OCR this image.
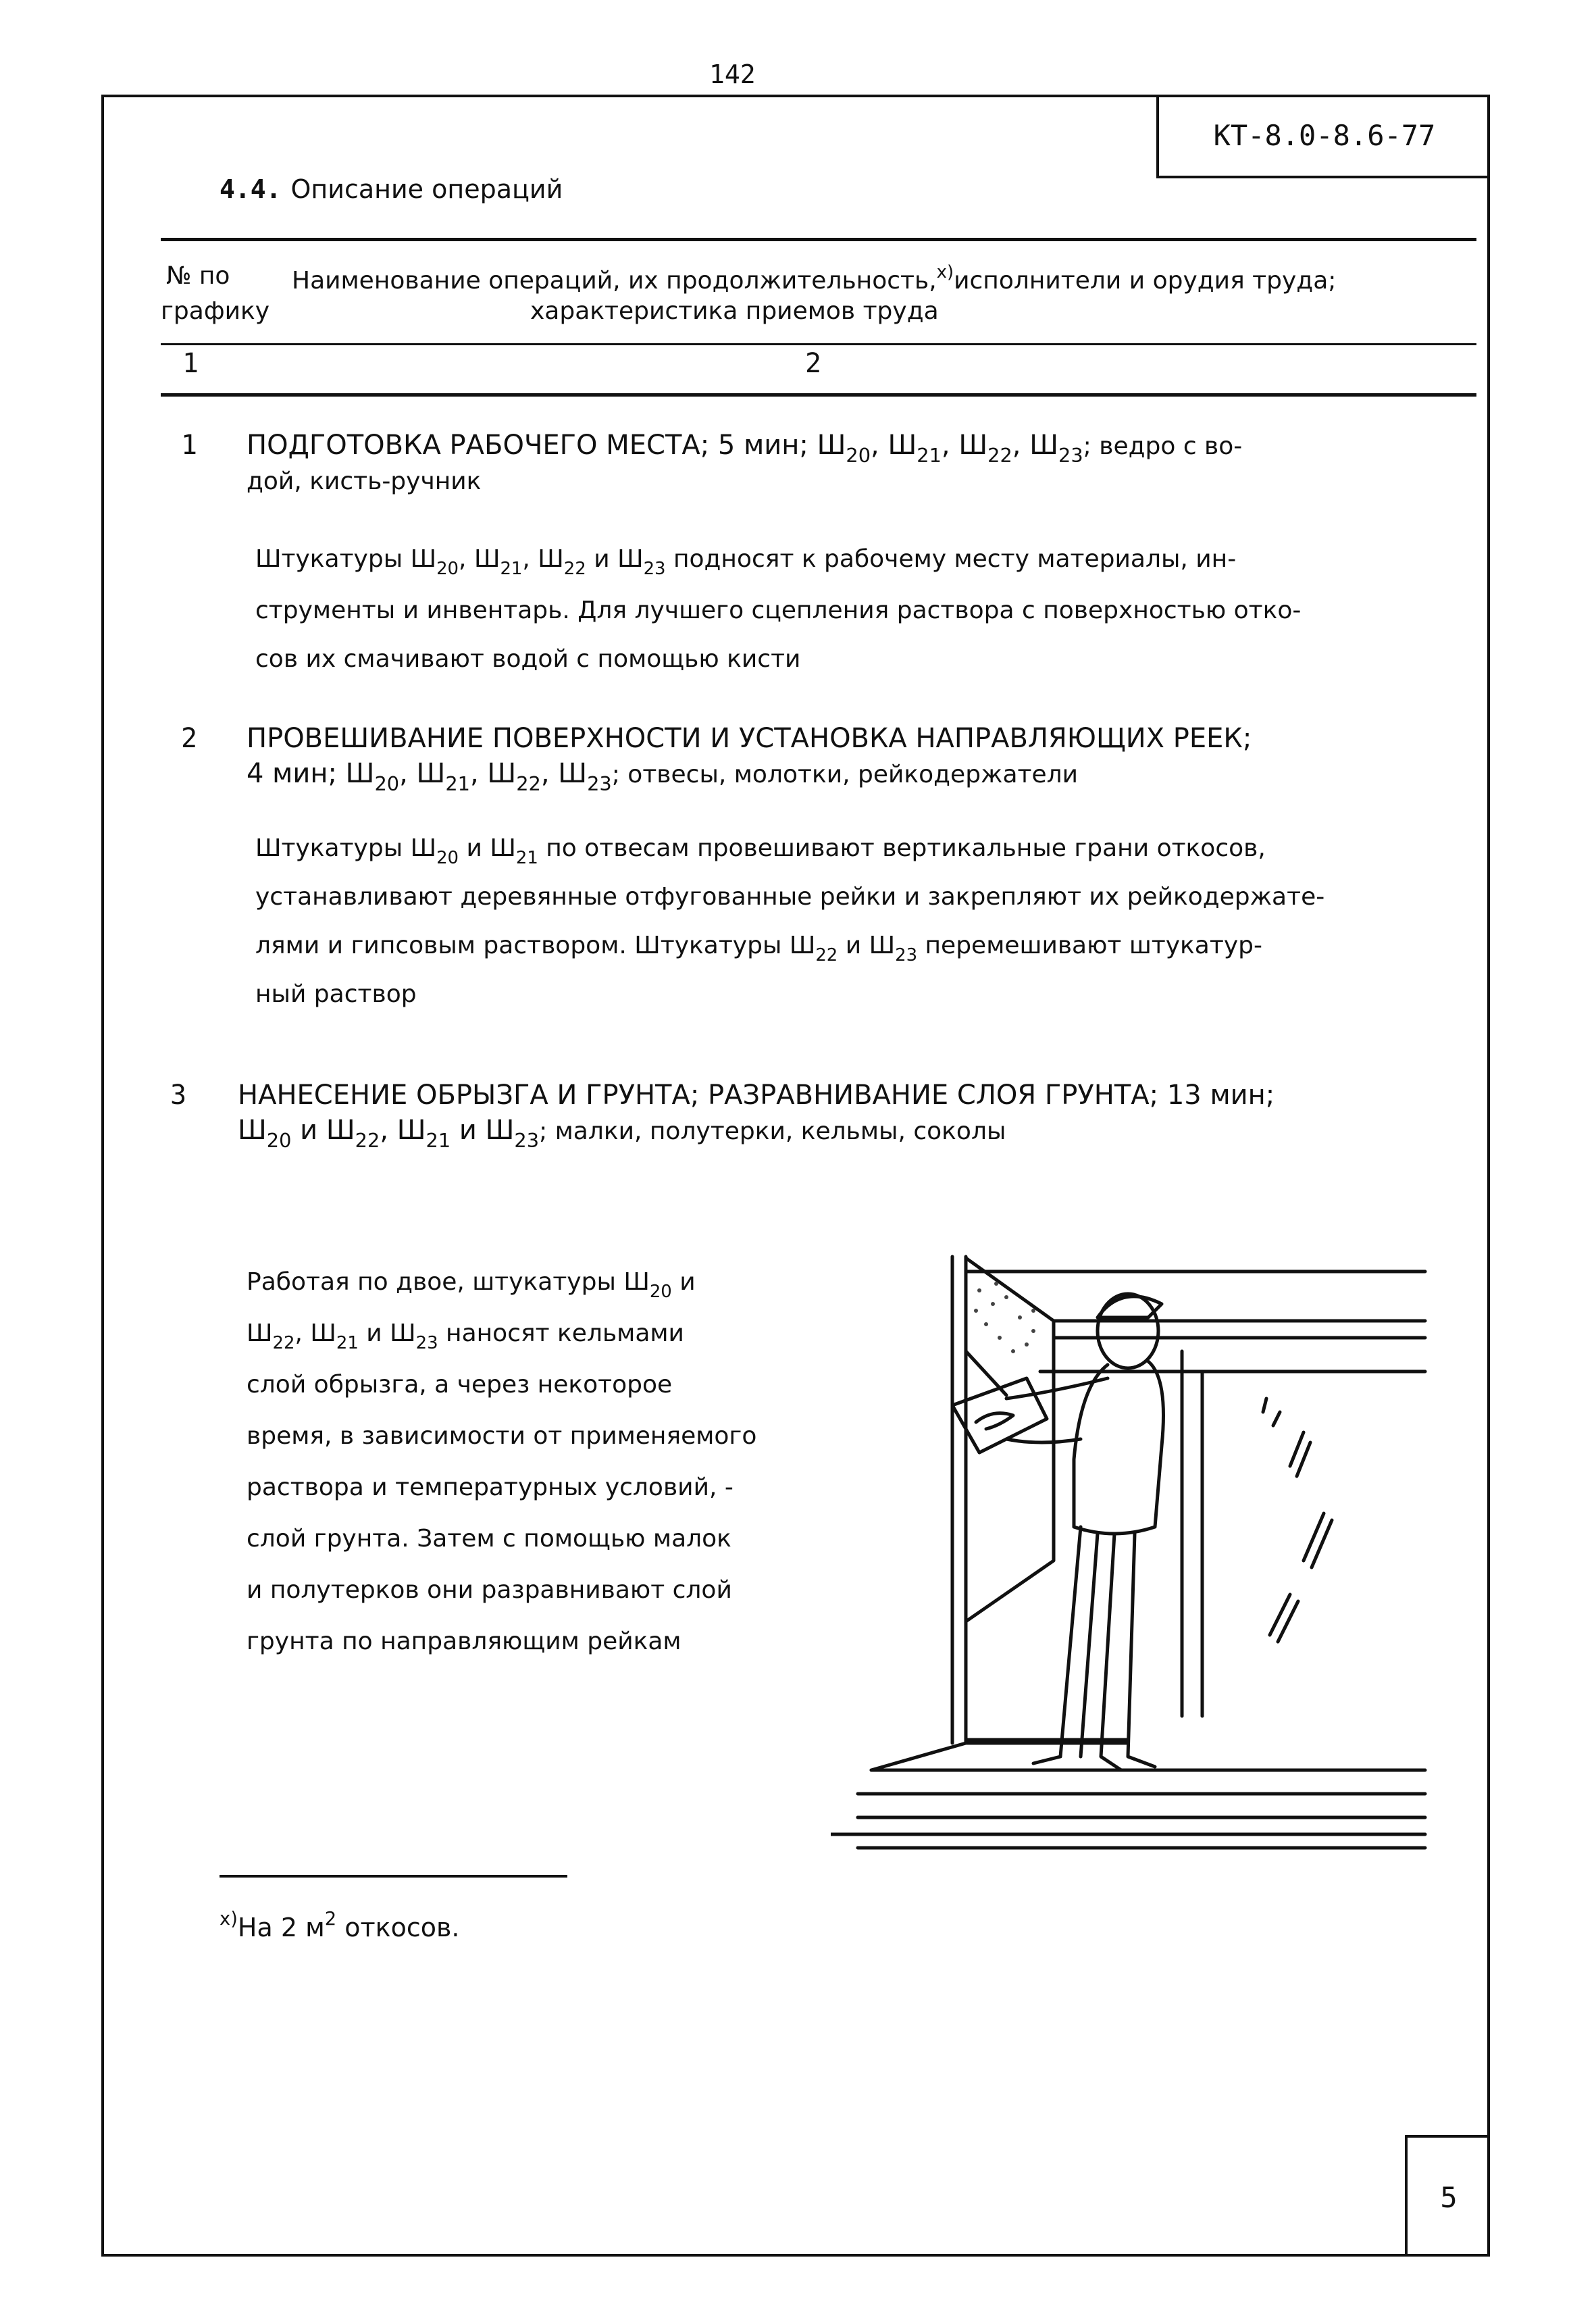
142
КТ-8.0-8.6-77
4.4. Описание операций
№ по
графику
Наименование операций, их продолжительность,$^{х)}$исполнители и орудия труда;
характеристика приемов труда
1	2
1 ПОДГОТОВКА РАБОЧЕГО МЕСТА; 5 мин; $Ш_{20}$, $Ш_{21}$, $Ш_{22}$, $Ш_{23}$; ведро с во-
дой, кисть-ручник
Штукатуры $Ш_{20}$, $Ш_{21}$, $Ш_{22}$ и $Ш_{23}$ подносят к рабочему месту материалы, ин-
струменты и инвентарь. Для лучшего сцепления раствора с поверхностью отко-
сов их смачивают водой с помощью кисти
2 ПРОВЕШИВАНИЕ ПОВЕРХНОСТИ И УСТАНОВКА НАПРАВЛЯЮЩИХ РЕЕК;
4 мин; $Ш_{20}$, $Ш_{21}$, $Ш_{22}$, $Ш_{23}$; отвесы, молотки, рейкодержатели
Штукатуры $Ш_{20}$ и $Ш_{21}$ по отвесам провешивают вертикальные грани откосов,
устанавливают деревянные отфугованные рейки и закрепляют их рейкодержате-
лями и гипсовым раствором. Штукатуры $Ш_{22}$ и $Ш_{23}$ перемешивают штукатур-
ный раствор
3 НАНЕСЕНИЕ ОБРЫЗГА И ГРУНТА; РАЗРАВНИВАНИЕ СЛОЯ ГРУНТА; 13 мин;
$Ш_{20}$ и $Ш_{22}$, $Ш_{21}$ и $Ш_{23}$; малки, полутерки, кельмы, соколы
Работая по двое, штукатуры $Ш_{20}$ и
$Ш_{22}$, $Ш_{21}$ и $Ш_{23}$ наносят кельмами
слой обрызга, а через некоторое
время, в зависимости от применяемого
раствора и температурных условий, -
слой грунта. Затем с помощью малок
и полутерков они разравнивают слой
грунта по направляющим рейкам
$^{х)}$На 2 $м^2$ откосов.
5
